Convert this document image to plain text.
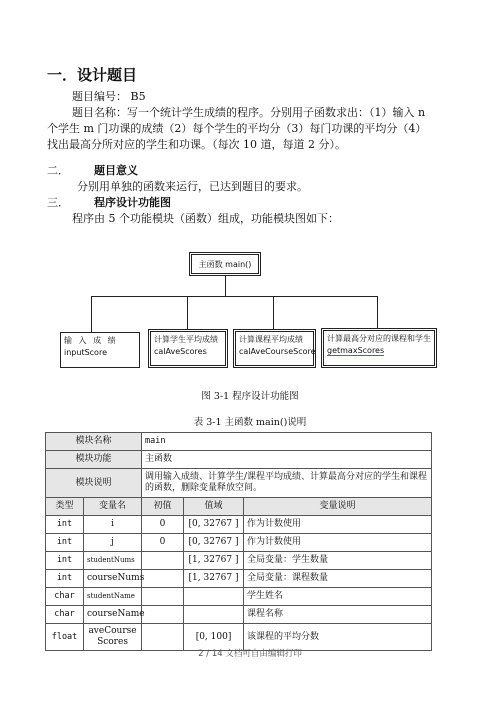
一．设计题目
题目编号： B5
题目名称：写一个统计学生成绩的程序。分别用子函数求出：（1）输入 n
个学生 m 门功课的成绩（2）每个学生的平均分（3）每门功课的平均分（4）
找出最高分所对应的学生和功课。（每次 10 道，每道 2 分）。
二． 题目意义
分别用单独的函数来运行，已达到题目的要求。
三． 程序设计功能图
程序由 5 个功能模块（函数）组成，功能模块图如下：
主函数 main()
输 入 成 绩
inputScore
计算学生平均成绩
calAveScores
计算课程平均成绩
calAveCourseScore
计算最高分对应的课程和学生
getmaxScores
图 3-1 程序设计功能图
表 3-1 主函数 main()说明
模块名称		main		
模块功能		主函数		
模块说明		调用输入成绩、计算学生/课程平均成绩、计算最高分对应的学生和课程的函数，删除变量释放空间。		
类型	变量名	初值	值域	变量说明
int	i	0	[0, 32767 ]	作为计数使用
int	j	0	[0, 32767 ]	作为计数使用
int	studentNums		[1, 32767 ]	全局变量：学生数量
int	courseNums		[1, 32767 ]	全局变量：课程数量
char	studentName			学生姓名
char	courseName			课程名称
float	aveCourse Scores		[0, 100]	该课程的平均分数
2 / 14 文档可自由编辑打印
